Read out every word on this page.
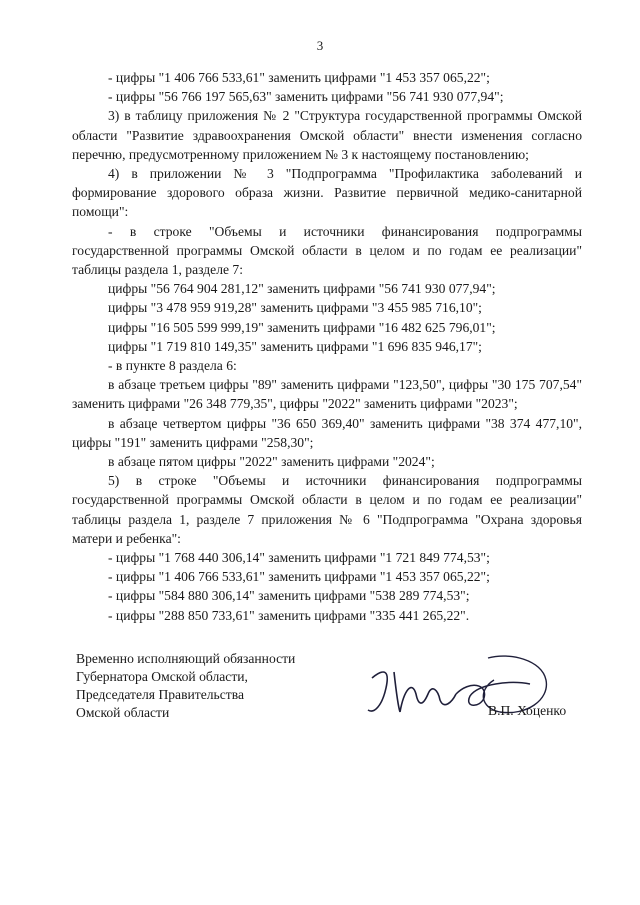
3

- цифры "1 406 766 533,61" заменить цифрами "1 453 357 065,22";

- цифры "56 766 197 565,63" заменить цифрами "56 741 930 077,94";

3) в таблицу приложения № 2 "Структура государственной программы Омской области "Развитие здравоохранения Омской области" внести изменения согласно перечню, предусмотренному приложением № 3 к настоящему постановлению;

4) в приложении № 3 "Подпрограмма "Профилактика заболеваний и формирование здорового образа жизни. Развитие первичной медико-санитарной помощи":

- в строке "Объемы и источники финансирования подпрограммы государственной программы Омской области в целом и по годам ее реализации" таблицы раздела 1, разделе 7:

цифры "56 764 904 281,12" заменить цифрами "56 741 930 077,94";

цифры "3 478 959 919,28" заменить цифрами "3 455 985 716,10";

цифры "16 505 599 999,19" заменить цифрами "16 482 625 796,01";

цифры "1 719 810 149,35" заменить цифрами "1 696 835 946,17";

- в пункте 8 раздела 6:

в абзаце третьем цифры "89" заменить цифрами "123,50", цифры "30 175 707,54" заменить цифрами "26 348 779,35", цифры "2022" заменить цифрами "2023";

в абзаце четвертом цифры "36 650 369,40" заменить цифрами "38 374 477,10", цифры "191" заменить цифрами "258,30";

в абзаце пятом цифры "2022" заменить цифрами "2024";

5) в строке "Объемы и источники финансирования подпрограммы государственной программы Омской области в целом и по годам ее реализации" таблицы раздела 1, разделе 7 приложения № 6 "Подпрограмма "Охрана здоровья матери и ребенка":

- цифры "1 768 440 306,14" заменить цифрами "1 721 849 774,53";

- цифры "1 406 766 533,61" заменить цифрами "1 453 357 065,22";

- цифры "584 880 306,14" заменить цифрами "538 289 774,53";

- цифры "288 850 733,61" заменить цифрами "335 441 265,22".

Временно исполняющий обязанности

Губернатора Омской области,

Председателя Правительства

Омской области	В.П. Хоценко
